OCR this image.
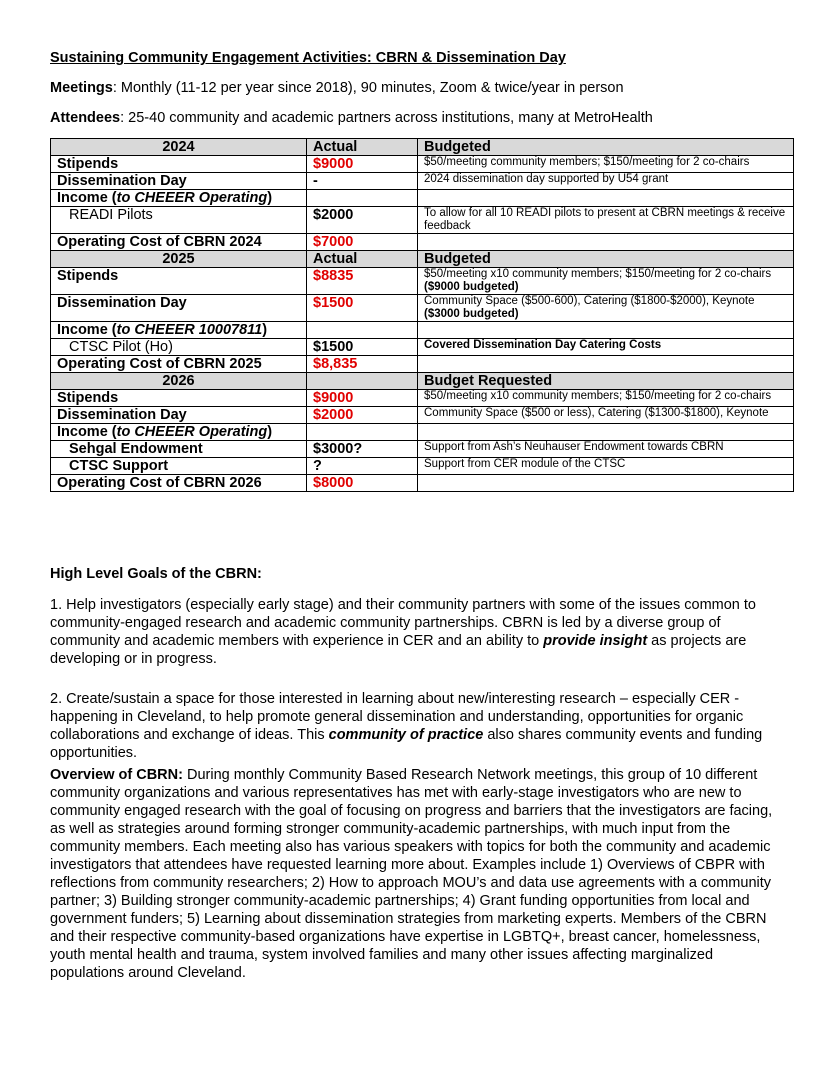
Sustaining Community Engagement Activities: CBRN & Dissemination Day
Meetings: Monthly (11-12 per year since 2018), 90 minutes, Zoom & twice/year in person
Attendees: 25-40 community and academic partners across institutions, many at MetroHealth
2024	Actual	Budgeted
Stipends	$9000	$50/meeting community members; $150/meeting for 2 co-chairs
Dissemination Day	-	2024 dissemination day supported by U54 grant
Income (to CHEEER Operating)		
READI Pilots	$2000	To allow for all 10 READI pilots to present at CBRN meetings & receive feedback
Operating Cost of CBRN 2024	$7000	
2025	Actual	Budgeted
Stipends	$8835	$50/meeting x10 community members; $150/meeting for 2 co-chairs ($9000 budgeted)
Dissemination Day	$1500	Community Space ($500-600), Catering ($1800-$2000), Keynote ($3000 budgeted)
Income (to CHEEER 10007811)		
CTSC Pilot (Ho)	$1500	Covered Dissemination Day Catering Costs
Operating Cost of CBRN 2025	$8,835	
2026		Budget Requested
Stipends	$9000	$50/meeting x10 community members; $150/meeting for 2 co-chairs
Dissemination Day	$2000	Community Space ($500 or less), Catering ($1300-$1800), Keynote
Income (to CHEEER Operating)		
Sehgal Endowment	$3000?	Support from Ash’s Neuhauser Endowment towards CBRN
CTSC Support	?	Support from CER module of the CTSC
Operating Cost of CBRN 2026	$8000	
High Level Goals of the CBRN:
1. Help investigators (especially early stage) and their community partners with some of the issues common to community-engaged research and academic community partnerships. CBRN is led by a diverse group of community and academic members with experience in CER and an ability to provide insight as projects are developing or in progress.
2. Create/sustain a space for those interested in learning about new/interesting research – especially CER - happening in Cleveland, to help promote general dissemination and understanding, opportunities for organic collaborations and exchange of ideas. This community of practice also shares community events and funding opportunities.
Overview of CBRN: During monthly Community Based Research Network meetings, this group of 10 different community organizations and various representatives has met with early-stage investigators who are new to community engaged research with the goal of focusing on progress and barriers that the investigators are facing, as well as strategies around forming stronger community-academic partnerships, with much input from the community members. Each meeting also has various speakers with topics for both the community and academic investigators that attendees have requested learning more about. Examples include 1) Overviews of CBPR with reflections from community researchers; 2) How to approach MOU’s and data use agreements with a community partner; 3) Building stronger community-academic partnerships; 4) Grant funding opportunities from local and government funders; 5) Learning about dissemination strategies from marketing experts. Members of the CBRN and their respective community-based organizations have expertise in LGBTQ+, breast cancer, homelessness, youth mental health and trauma, system involved families and many other issues affecting marginalized populations around Cleveland.
